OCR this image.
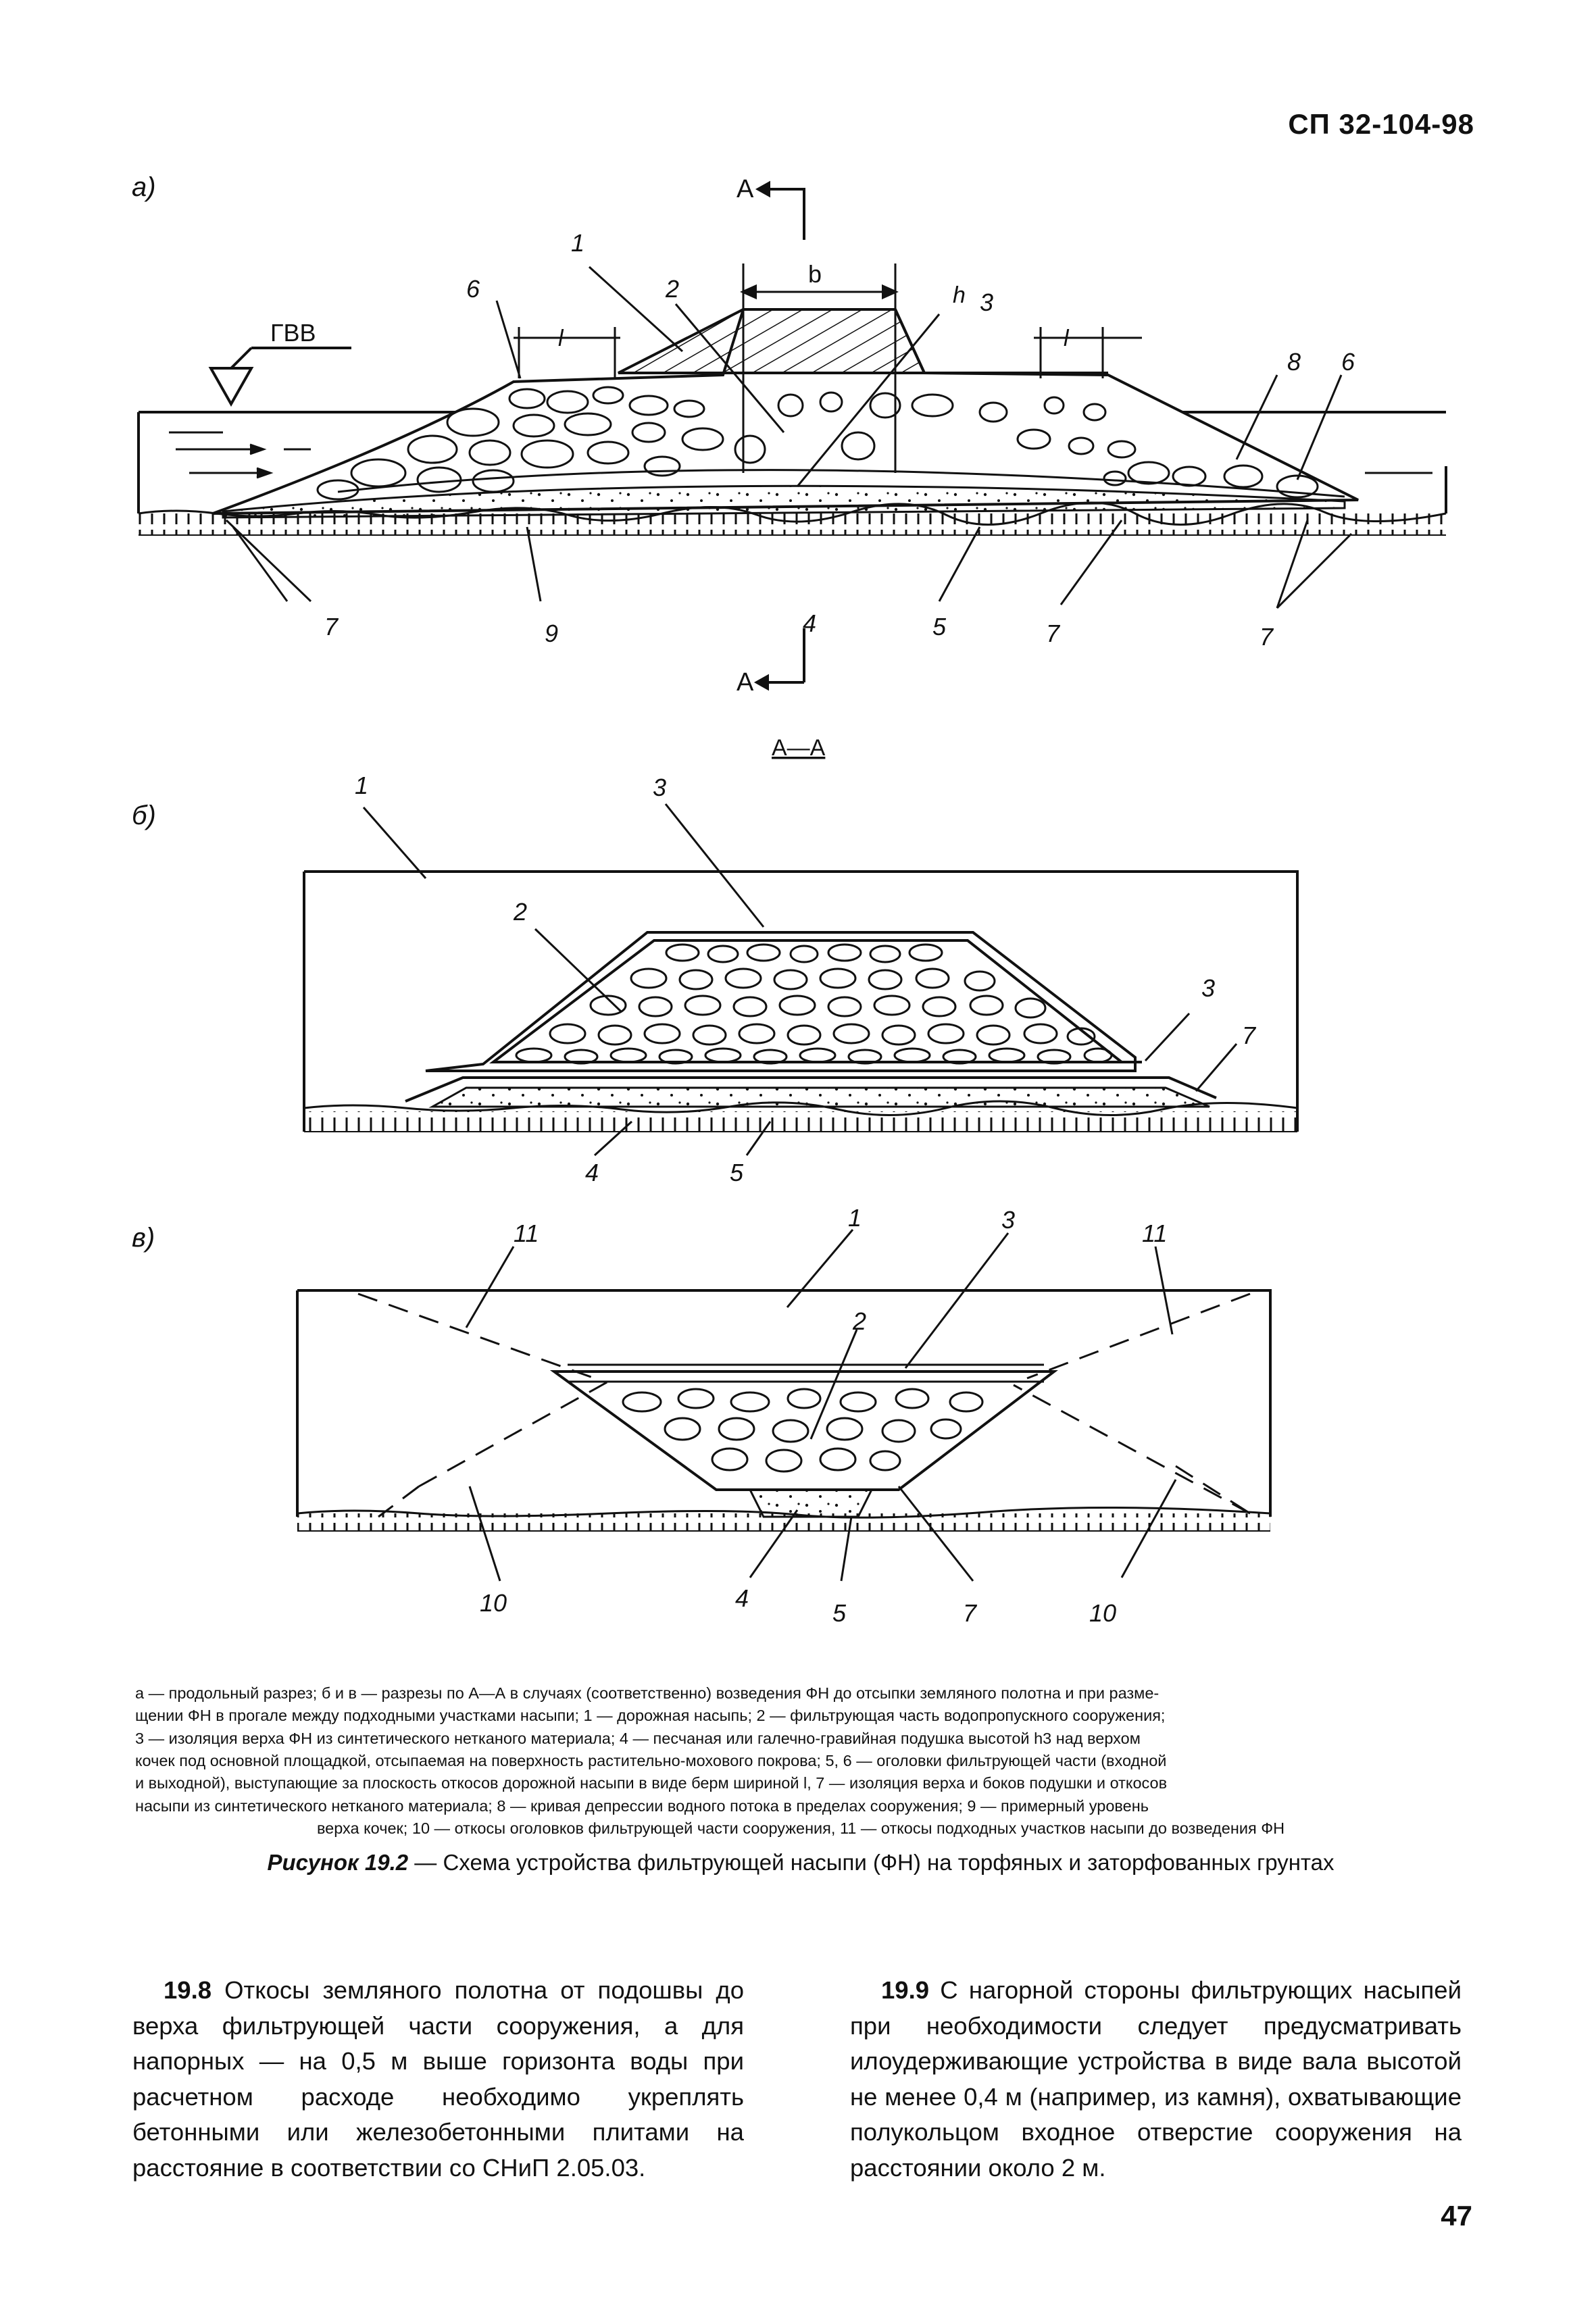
СП 32-104-98
а)	А
ГВВ
b
h
l	l
А
1
2	3
6
8 6
7	9	4	5	7	7
б)
А—А
1	3
2
3
7
4	5
в)	11
1	3	11
2
10	4
5	7	10

а — продольный разрез; б и в — разрезы по А—А в случаях (соответственно) возведения ФН до отсыпки земляного полотна и при разме-

щении ФН в прогале между подходными участками насыпи; 1 — дорожная насыпь; 2 — фильтрующая часть водопропускного сооружения;

3 — изоляция верха ФН из синтетического нетканого материала; 4 — песчаная или галечно-гравийная подушка высотой h3 над верхом

кочек под основной площадкой, отсыпаемая на поверхность растительно-мохового покрова; 5, 6 — оголовки фильтрующей части (входной

и выходной), выступающие за плоскость откосов дорожной насыпи в виде берм шириной l, 7 — изоляция верха и боков подушки и откосов

насыпи из синтетического нетканого материала; 8 — кривая депрессии водного потока в пределах сооружения; 9 — примерный уровень

верха кочек; 10 — откосы оголовков фильтрующей части сооружения, 11 — откосы подходных участков насыпи до возведения ФН

Рисунок 19.2 — Схема устройства фильтрующей насыпи (ФН) на торфяных и заторфованных грунтах
19.8 Откосы земляного полотна от подошвы до верха фильтрующей части сооружения, а для напорных — на 0,5 м выше горизонта воды при расчетном расходе необходимо укреплять бетонными или железобетонными плитами на расстояние в соответствии со СНиП 2.05.03.
19.9 С нагорной стороны фильтрующих насыпей при необходимости следует предусматривать илоудерживающие устройства в виде вала высотой не менее 0,4 м (например, из камня), охватывающие полукольцом входное отверстие сооружения на расстоянии около 2 м.
47
